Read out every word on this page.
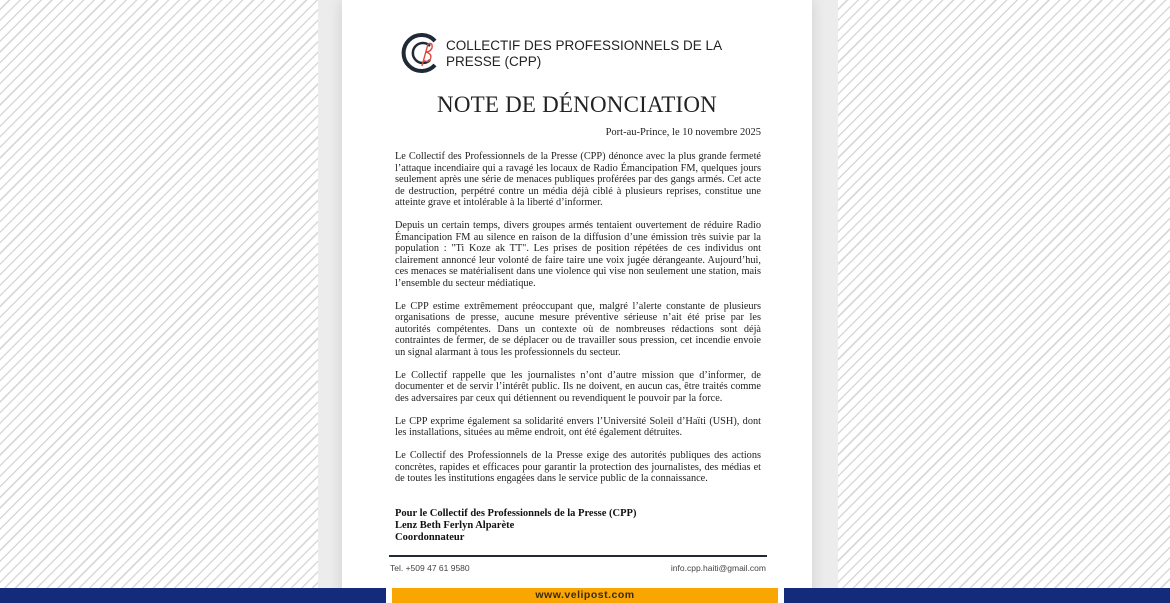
COLLECTIF DES PROFESSIONNELS DE LA PRESSE (CPP)
NOTE DE DÉNONCIATION
Port-au-Prince, le 10 novembre 2025

Le Collectif des Professionnels de la Presse (CPP) dénonce avec la plus grande fermeté l’attaque incendiaire qui a ravagé les locaux de Radio Émancipation FM, quelques jours seulement après une série de menaces publiques proférées par des gangs armés. Cet acte de destruction, perpétré contre un média déjà ciblé à plusieurs reprises, constitue une atteinte grave et intolérable à la liberté d’informer.

Depuis un certain temps, divers groupes armés tentaient ouvertement de réduire Radio Émancipation FM au silence en raison de la diffusion d’une émission très suivie par la population : "Ti Koze ak TT". Les prises de position répétées de ces individus ont clairement annoncé leur volonté de faire taire une voix jugée dérangeante. Aujourd’hui, ces menaces se matérialisent dans une violence qui vise non seulement une station, mais l’ensemble du secteur médiatique.

Le CPP estime extrêmement préoccupant que, malgré l’alerte constante de plusieurs organisations de presse, aucune mesure préventive sérieuse n’ait été prise par les autorités compétentes. Dans un contexte où de nombreuses rédactions sont déjà contraintes de fermer, de se déplacer ou de travailler sous pression, cet incendie envoie un signal alarmant à tous les professionnels du secteur.

Le Collectif rappelle que les journalistes n’ont d’autre mission que d’informer, de documenter et de servir l’intérêt public. Ils ne doivent, en aucun cas, être traités comme des adversaires par ceux qui détiennent ou revendiquent le pouvoir par la force.

Le CPP exprime également sa solidarité envers l’Université Soleil d’Haïti (USH), dont les installations, situées au même endroit, ont été également détruites.

Le Collectif des Professionnels de la Presse exige des autorités publiques des actions concrètes, rapides et efficaces pour garantir la protection des journalistes, des médias et de toutes les institutions engagées dans le service public de la connaissance.

Pour le Collectif des Professionnels de la Presse (CPP)
Lenz Beth Ferlyn Alparète
Coordonnateur
Tel. +509 47 61 9580	info.cpp.haiti@gmail.com
www.velipost.com
